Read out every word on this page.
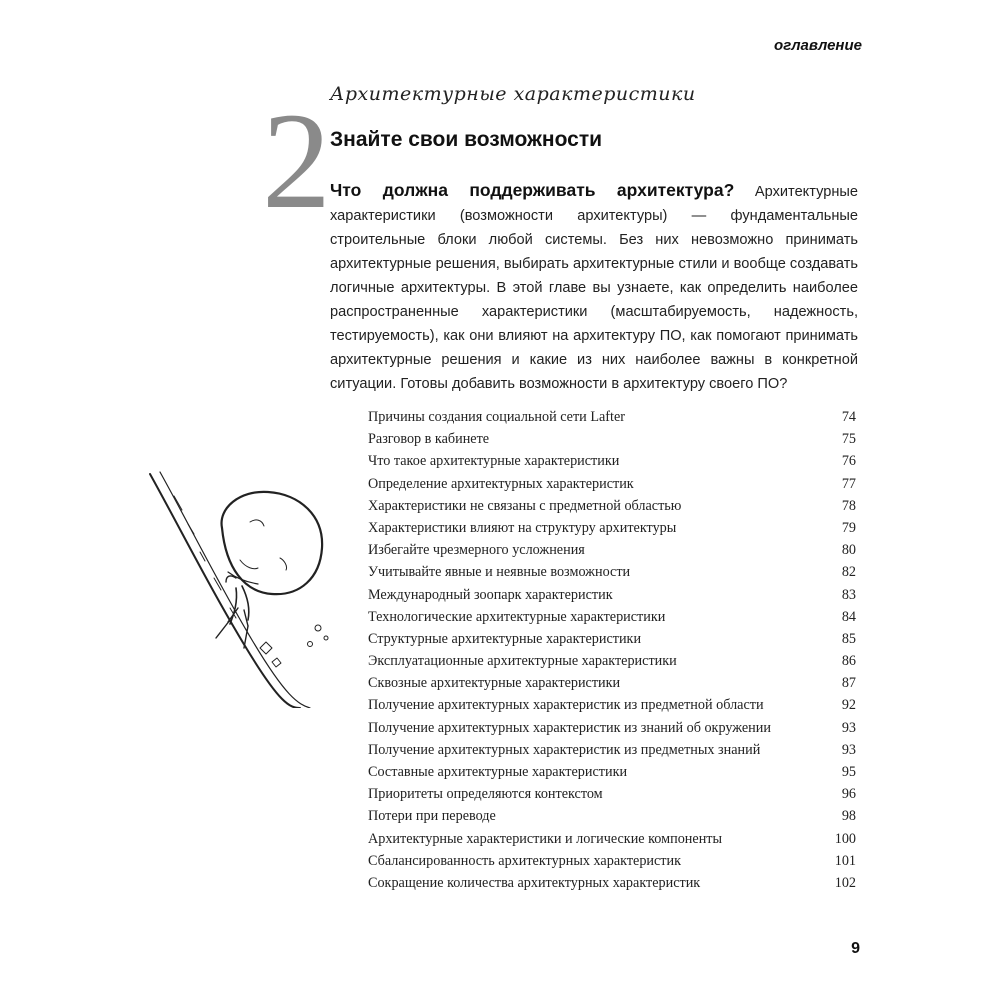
оглавление
2 Архитектурные характеристики
Знайте свои возможности
Что должна поддерживать архитектура? Архитектурные характеристики (возможности архитектуры) — фундаментальные строительные блоки любой системы. Без них невозможно принимать архитектурные решения, выбирать архитектурные стили и вообще создавать логичные архитектуры. В этой главе вы узнаете, как определить наиболее распространенные характеристики (масштабируемость, надежность, тестируемость), как они влияют на архитектуру ПО, как помогают принимать архитектурные решения и какие из них наиболее важны в конкретной ситуации. Готовы добавить возможности в архитектуру своего ПО?
Причины создания социальной сети Lafter	74
Разговор в кабинете	75
Что такое архитектурные характеристики	76
Определение архитектурных характеристик	77
Характеристики не связаны с предметной областью	78
Характеристики влияют на структуру архитектуры	79
Избегайте чрезмерного усложнения	80
Учитывайте явные и неявные возможности	82
Международный зоопарк характеристик	83
Технологические архитектурные характеристики	84
Структурные архитектурные характеристики	85
Эксплуатационные архитектурные характеристики	86
Сквозные архитектурные характеристики	87
Получение архитектурных характеристик из предметной области	92
Получение архитектурных характеристик из знаний об окружении	93
Получение архитектурных характеристик из предметных знаний	93
Составные архитектурные характеристики	95
Приоритеты определяются контекстом	96
Потери при переводе	98
Архитектурные характеристики и логические компоненты	100
Сбалансированность архитектурных характеристик	101
Сокращение количества архитектурных характеристик	102
9
